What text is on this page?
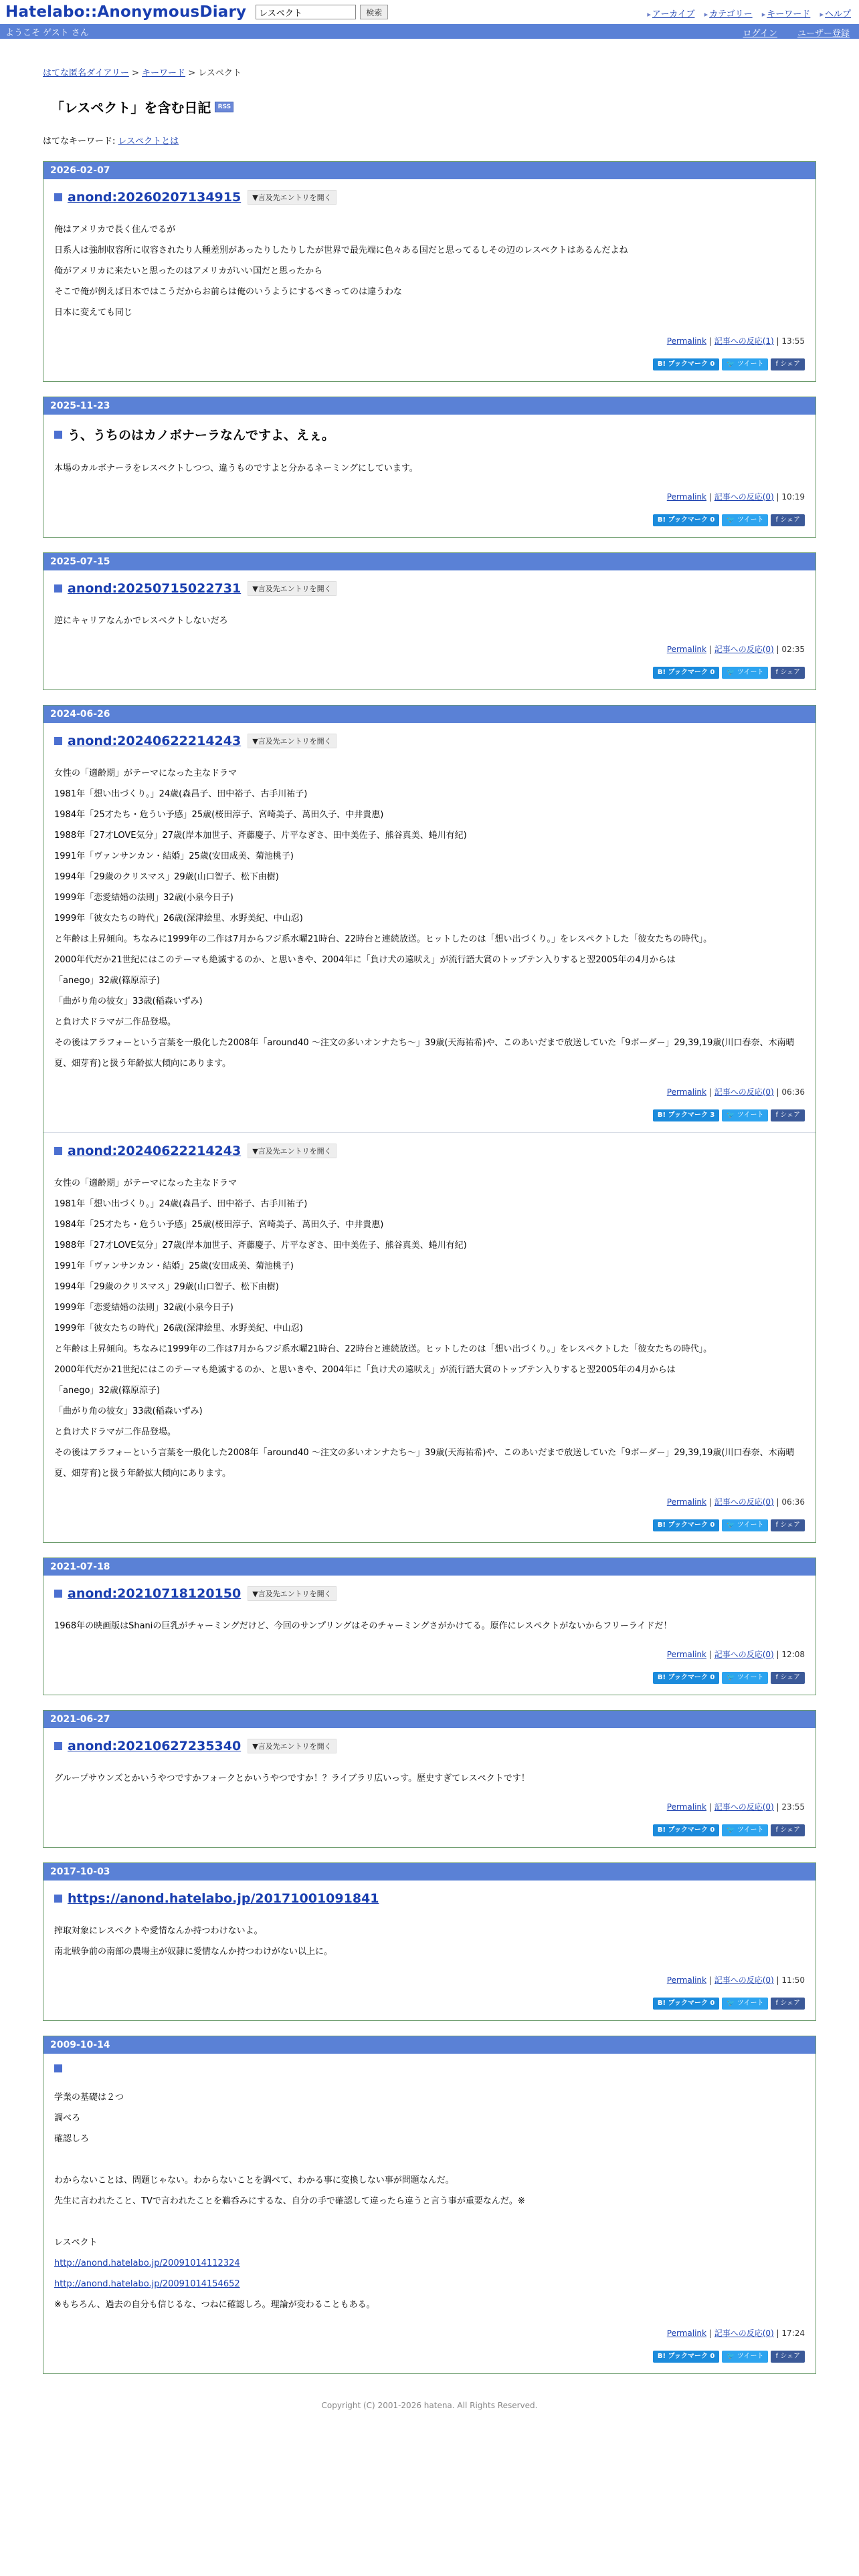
Hatelabo::AnonymousDiary
レスペクト	検索	▸ アーカイブ ▸ カテゴリー ▸ キーワード ▸ ヘルプ
ようこそ ゲスト さん	ログイン ユーザー登録
はてな匿名ダイアリー > キーワード > レスペクト
「レスペクト」を含む日記	RSS
はてなキーワード: レスペクトとは
2026-02-07
anond:20260207134915	▼言及先エントリを開く

俺はアメリカで長く住んでるが

日系人は強制収容所に収容されたり人種差別があったりしたりしたが世界で最先端に色々ある国だと思ってるしその辺のレスペクトはあるんだよね

俺がアメリカに来たいと思ったのはアメリカがいい国だと思ったから

そこで俺が例えば日本ではこうだからお前らは俺のいうようにするべきってのは違うわな

日本に変えても同じ

Permalink | 記事への反応(1) | 13:55
B! ブックマーク 0 🐦 ツイート f シェア
2025-11-23
う、うちのはカノボナーラなんですよ、えぇ。

本場のカルボナーラをレスペクトしつつ、違うものですよと分かるネーミングにしています。

Permalink | 記事への反応(0) | 10:19
B! ブックマーク 0 🐦 ツイート f シェア
2025-07-15
anond:20250715022731	▼言及先エントリを開く

逆にキャリアなんかでレスペクトしないだろ

Permalink | 記事への反応(0) | 02:35
B! ブックマーク 0 🐦 ツイート f シェア
2024-06-26
anond:20240622214243	▼言及先エントリを開く

女性の「適齢期」がテーマになった主なドラマ

1981年「想い出づくり。」24歳(森昌子、田中裕子、古手川祐子)

1984年「25才たち・危うい予感」25歳(桜田淳子、宮崎美子、萬田久子、中井貴惠)

1988年「27才LOVE気分」27歳(岸本加世子、斉藤慶子、片平なぎさ、田中美佐子、熊谷真美、蜷川有紀)

1991年「ヴァンサンカン・結婚」25歳(安田成美、菊池桃子)

1994年「29歳のクリスマス」29歳(山口智子、松下由樹)

1999年「恋愛結婚の法則」32歳(小泉今日子)

1999年「彼女たちの時代」26歳(深津絵里、水野美紀、中山忍)

と年齢は上昇傾向。ちなみに1999年の二作は7月からフジ系水曜21時台、22時台と連続放送。ヒットしたのは「想い出づくり。」をレスペクトした「彼女たちの時代」。

2000年代だか21世紀にはこのテーマも絶滅するのか、と思いきや、2004年に「負け犬の遠吠え」が流行語大賞のトップテン入りすると翌2005年の4月からは

「anego」32歳(篠原涼子)

「曲がり角の彼女」33歳(稲森いずみ)

と負け犬ドラマが二作品登場。

その後はアラフォーという言葉を一般化した2008年「around40 〜注文の多いオンナたち〜」39歳(天海祐希)や、このあいだまで放送していた「9ボーダー」29,39,19歳(川口春奈、木南晴夏、畑芽育)と扱う年齢拡大傾向にあります。

Permalink | 記事への反応(0) | 06:36
B! ブックマーク 3 🐦 ツイート f シェア
anond:20240622214243	▼言及先エントリを開く

女性の「適齢期」がテーマになった主なドラマ

1981年「想い出づくり。」24歳(森昌子、田中裕子、古手川祐子)

1984年「25才たち・危うい予感」25歳(桜田淳子、宮崎美子、萬田久子、中井貴惠)

1988年「27才LOVE気分」27歳(岸本加世子、斉藤慶子、片平なぎさ、田中美佐子、熊谷真美、蜷川有紀)

1991年「ヴァンサンカン・結婚」25歳(安田成美、菊池桃子)

1994年「29歳のクリスマス」29歳(山口智子、松下由樹)

1999年「恋愛結婚の法則」32歳(小泉今日子)

1999年「彼女たちの時代」26歳(深津絵里、水野美紀、中山忍)

と年齢は上昇傾向。ちなみに1999年の二作は7月からフジ系水曜21時台、22時台と連続放送。ヒットしたのは「想い出づくり。」をレスペクトした「彼女たちの時代」。

2000年代だか21世紀にはこのテーマも絶滅するのか、と思いきや、2004年に「負け犬の遠吠え」が流行語大賞のトップテン入りすると翌2005年の4月からは

「anego」32歳(篠原涼子)

「曲がり角の彼女」33歳(稲森いずみ)

と負け犬ドラマが二作品登場。

その後はアラフォーという言葉を一般化した2008年「around40 〜注文の多いオンナたち〜」39歳(天海祐希)や、このあいだまで放送していた「9ボーダー」29,39,19歳(川口春奈、木南晴夏、畑芽育)と扱う年齢拡大傾向にあります。

Permalink | 記事への反応(0) | 06:36
B! ブックマーク 0 🐦 ツイート f シェア
2021-07-18
anond:20210718120150	▼言及先エントリを開く

1968年の映画版はShaniの巨乳がチャーミングだけど、今回のサンプリングはそのチャーミングさがかけてる。原作にレスペクトがないからフリーライドだ！

Permalink | 記事への反応(0) | 12:08
B! ブックマーク 0 🐦 ツイート f シェア
2021-06-27
anond:20210627235340	▼言及先エントリを開く

グループサウンズとかいうやつですかフォークとかいうやつですか！？ライブラリ広いっす。歴史すぎてレスペクトです！

Permalink | 記事への反応(0) | 23:55
B! ブックマーク 0 🐦 ツイート f シェア
2017-10-03
https://anond.hatelabo.jp/20171001091841

搾取対象にレスペクトや愛情なんか持つわけないよ。

南北戦争前の南部の農場主が奴隷に愛情なんか持つわけがない以上に。

Permalink | 記事への反応(0) | 11:50
B! ブックマーク 0 🐦 ツイート f シェア
2009-10-14

学業の基礎は２つ

調べろ

確認しろ

わからないことは、問題じゃない。わからないことを調べて、わかる事に変換しない事が問題なんだ。

先生に言われたこと、TVで言われたことを鵜呑みにするな、自分の手で確認して違ったら違うと言う事が重要なんだ。※

レスペクト

http://anond.hatelabo.jp/20091014112324

http://anond.hatelabo.jp/20091014154652

※もちろん、過去の自分も信じるな、つねに確認しろ。理論が変わることもある。

Permalink | 記事への反応(0) | 17:24
B! ブックマーク 0 🐦 ツイート f シェア
Copyright (C) 2001-2026 hatena. All Rights Reserved.
